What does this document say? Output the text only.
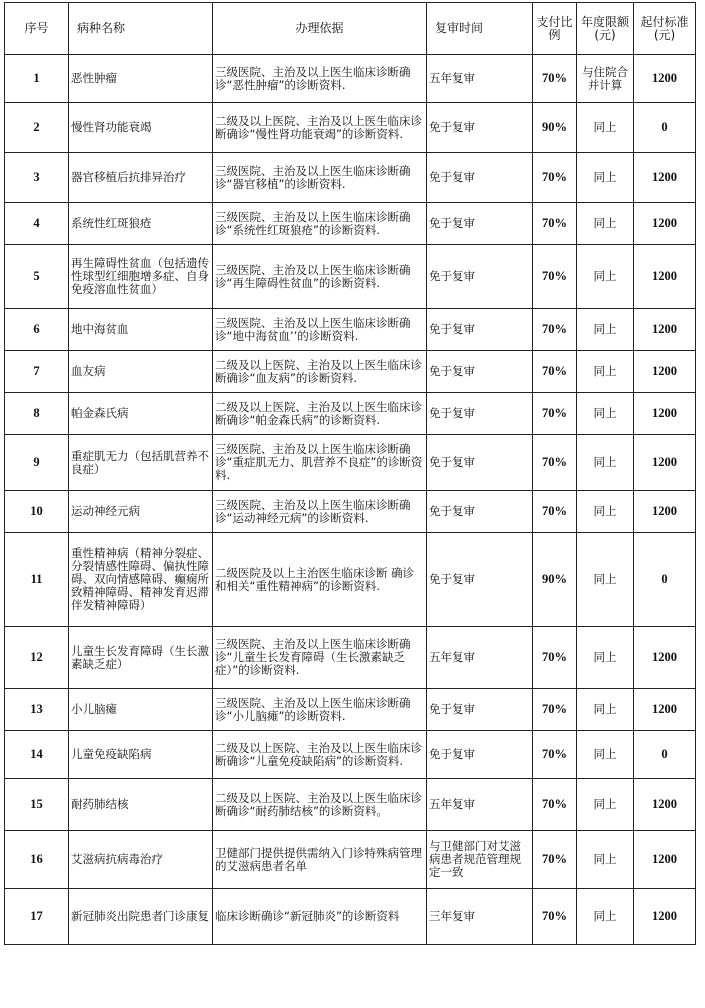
序号	病种名称	办理依据	复审时间	支付比例	年度限额(元)	起付标准(元)
1	恶性肿瘤	三级医院、主治及以上医生临床诊断确诊“恶性肿瘤”的诊断资料.	五年复审	70%	与住院合并计算	1200
2	慢性肾功能衰竭	二级及以上医院、主治及以上医生临床诊断确诊“慢性肾功能衰竭”的诊断资料.	免于复审	90%	同上	0
3	器官移植后抗排异治疗	三级医院、主治及以上医生临床诊断确诊“器官移植”的诊断资料.	免于复审	70%	同上	1200
4	系统性红斑狼疮	三级医院、主治及以上医生临床诊断确诊“系统性红斑狼疮”的诊断资料.	免于复审	70%	同上	1200
5	再生障碍性贫血（包括遗传性球型红细胞增多症、自身免疫溶血性贫血）	三级医院、主治及以上医生临床诊断确诊“再生障碍性贫血”的诊断资料.	免于复审	70%	同上	1200
6	地中海贫血	三级医院、主治及以上医生临床诊断确诊“地中海贫血’’的诊断资料.	免于复审	70%	同上	1200
7	血友病	二级及以上医院、主治及以上医生临床诊断确诊“血友病”的诊断资料.	免于复审	70%	同上	1200
8	帕金森氏病	二级及以上医院、主治及以上医生临床诊断确诊“帕金森氏病”的诊断资料.	免于复审	70%	同上	1200
9	重症肌无力（包括肌营养不良症）	三级医院、主治及以上医生临床诊断确诊“重症肌无力、肌营养不良症”的诊断资料.	免于复审	70%	同上	1200
10	运动神经元病	三级医院、主治及以上医生临床诊断确诊“运动神经元病”的诊断资料.	免于复审	70%	同上	1200
11	重性精神病（精神分裂症、分裂情感性障碍、偏执性障碍、双向情感障碍、癫痫所致精神障碍、精神发育迟滞伴发精神障碍）	二级医院及以上主治医生临床诊断 确诊和相关“重性精神病”的诊断资料.	免于复审	90%	同上	0
12	儿童生长发育障碍（生长激素缺乏症）	三级医院、主治及以上医生临床诊断确诊“儿童生长发育障碍（生长激素缺乏症）”的诊断资料.	五年复审	70%	同上	1200
13	小儿脑瘫	三级医院、主治及以上医生临床诊断确诊“小儿脑瘫”的诊断资料.	免于复审	70%	同上	1200
14	儿童免疫缺陷病	二级及以上医院、主治及以上医生临床诊断确诊“儿童免疫缺陷病”的诊断资料.	免于复审	70%	同上	0
15	耐药肺结核	二级及以上医院、主治及以上医生临床诊断确诊“耐药肺结核”的诊断资料。	五年复审	70%	同上	1200
16	艾滋病抗病毒治疗	卫健部门提供提供需纳入门诊特殊病管理的艾滋病患者名单	与卫健部门对艾滋病患者规范管理规定一致	70%	同上	1200
17	新冠肺炎出院患者门诊康复	临床诊断确诊“新冠肺炎”的诊断资料	三年复审	70%	同上	1200
